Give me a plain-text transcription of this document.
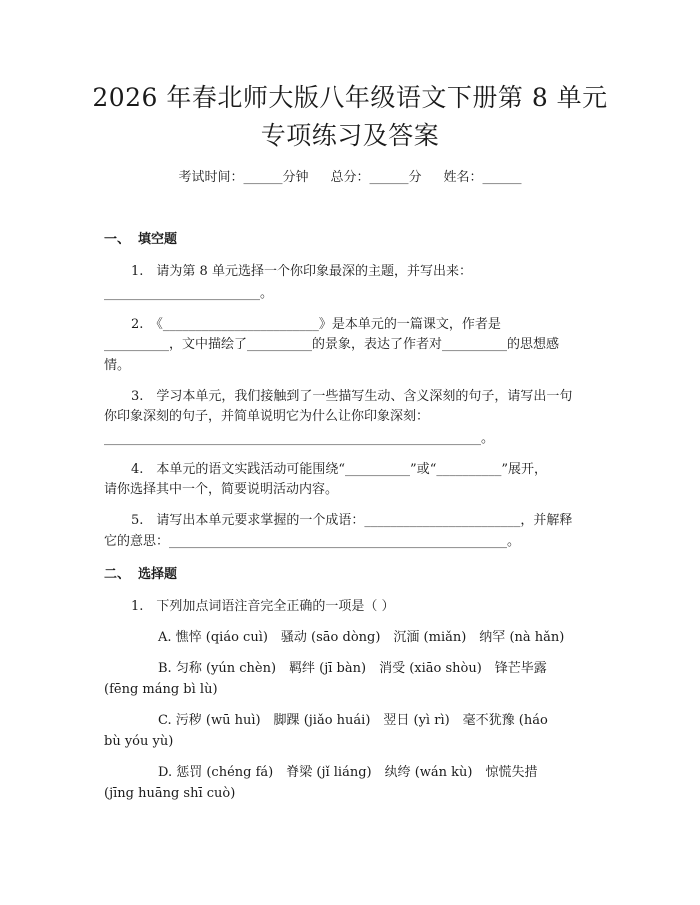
2026 年春北师大版八年级语文下册第 8 单元
专项练习及答案
考试时间：______分钟 总分：______分 姓名：______
一、 填空题
1.　请为第 8 单元选择一个你印象最深的主题，并写出来：
________________________。
2.　《________________________》是本单元的一篇课文，作者是
__________，文中描绘了__________的景象，表达了作者对__________的思想感
情。
3.　学习本单元，我们接触到了一些描写生动、含义深刻的句子，请写出一句
你印象深刻的句子，并简单说明它为什么让你印象深刻：
__________________________________________________________。
4.　本单元的语文实践活动可能围绕“__________”或“__________”展开，
请你选择其中一个，简要说明活动内容。
5.　请写出本单元要求掌握的一个成语：________________________，并解释
它的意思：____________________________________________________。
二、 选择题
1.　下列加点词语注音完全正确的一项是（ ）
A. 憔悴 (qiáo cuì)　骚动 (sāo dòng)　沉湎 (miǎn)　纳罕 (nà hǎn)
B. 匀称 (yún chèn)　羁绊 (jī bàn)　消受 (xiāo shòu)　锋芒毕露
(fēng máng bì lù)
C. 污秽 (wū huì)　脚踝 (jiǎo huái)　翌日 (yì rì)　毫不犹豫 (háo
bù yóu yù)
D. 惩罚 (chéng fá)　脊梁 (jǐ liáng)　纨绔 (wán kù)　惊慌失措
(jīng huāng shī cuò)
